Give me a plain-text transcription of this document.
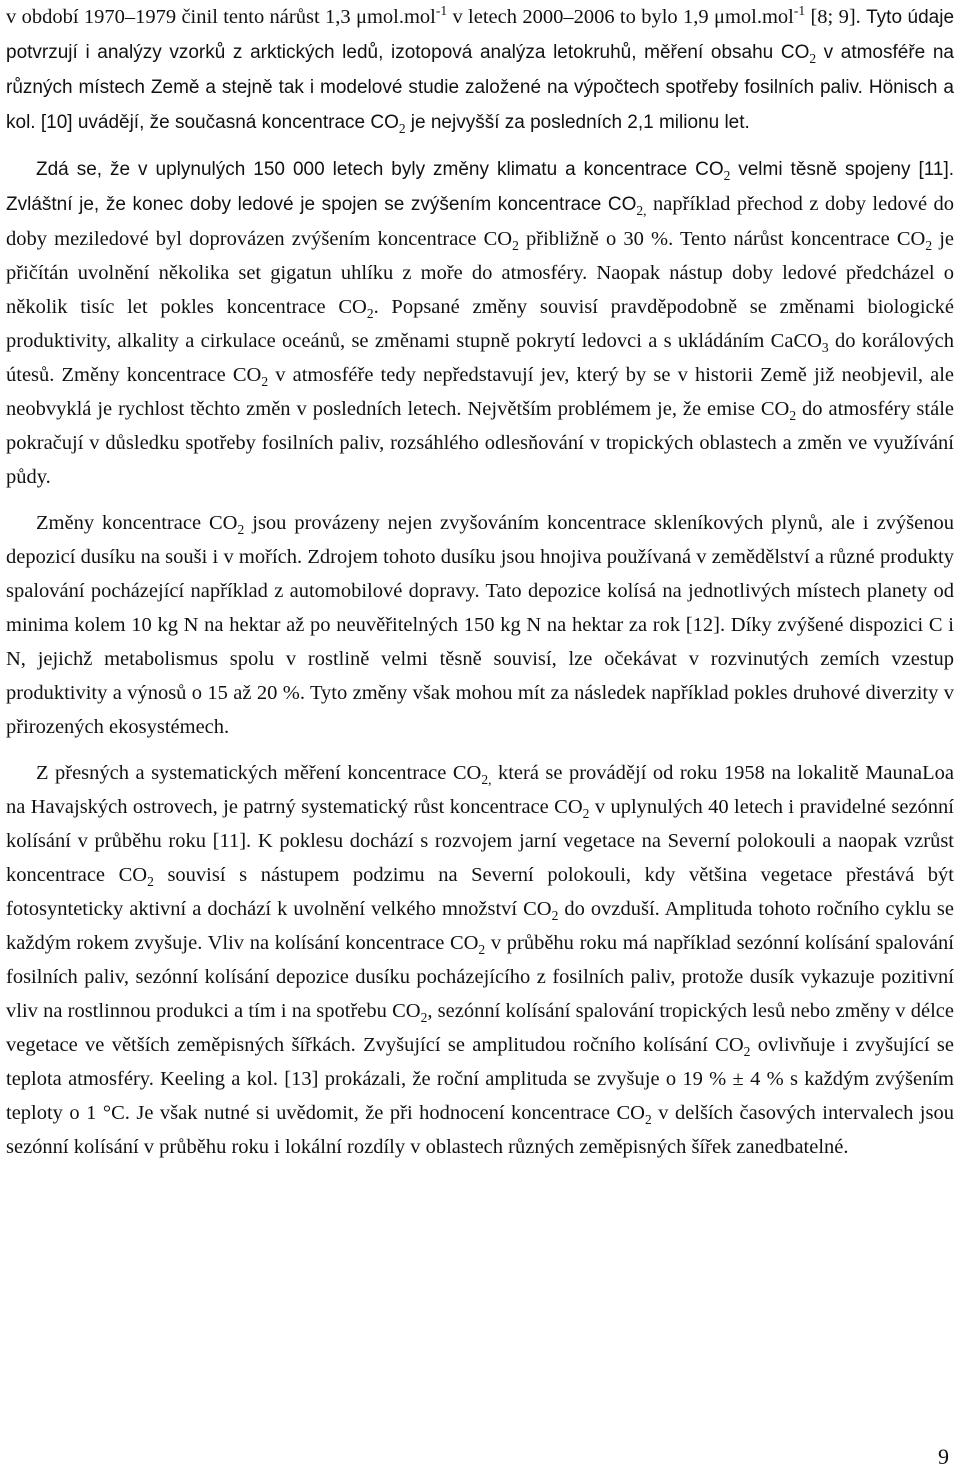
v období 1970–1979 činil tento nárůst 1,3 μmol.mol$^{-1}$ v letech 2000–2006 to bylo 1,9 μmol.mol$^{-1}$ [8; 9]. Tyto údaje potvrzují i analýzy vzorků z arktických ledů, izotopová analýza letokruhů, měření obsahu $CO_2$ v atmosféře na různých místech Země a stejně tak i modelové studie založené na výpočtech spotřeby fosilních paliv. Hönisch a kol. [10] uvádějí, že současná koncentrace $CO_2$ je nejvyšší za posledních 2,1 milionu let.

Zdá se, že v uplynulých 150 000 letech byly změny klimatu a koncentrace $CO_2$ velmi těsně spojeny [11]. Zvláštní je, že konec doby ledové je spojen se zvýšením koncentrace $CO_{2,}$ například přechod z doby ledové do doby meziledové byl doprovázen zvýšením koncentrace $CO_2$ přibližně o 30 %. Tento nárůst koncentrace $CO_2$ je přičítán uvolnění několika set gigatun uhlíku z moře do atmosféry. Naopak nástup doby ledové předcházel o několik tisíc let pokles koncentrace $CO_2$. Popsané změny souvisí pravděpodobně se změnami biologické produktivity, alkality a cirkulace oceánů, se změnami stupně pokrytí ledovci a s ukládáním CaCO$_3$ do korálových útesů. Změny koncentrace $CO_2$ v atmosféře tedy nepředstavují jev, který by se v historii Země již neobjevil, ale neobvyklá je rychlost těchto změn v posledních letech. Největším problémem je, že emise $CO_2$ do atmosféry stále pokračují v důsledku spotřeby fosilních paliv, rozsáhlého odlesňování v tropických oblastech a změn ve využívání půdy.

Změny koncentrace $CO_2$ jsou provázeny nejen zvyšováním koncentrace skleníkových plynů, ale i zvýšenou depozicí dusíku na souši i v mořích. Zdrojem tohoto dusíku jsou hnojiva používaná v zemědělství a různé produkty spalování pocházející například z automobilové dopravy. Tato depozice kolísá na jednotlivých místech planety od minima kolem 10 kg N na hektar až po neuvěřitelných 150 kg N na hektar za rok [12]. Díky zvýšené dispozici C i N, jejichž metabolismus spolu v rostlině velmi těsně souvisí, lze očekávat v rozvinutých zemích vzestup produktivity a výnosů o 15 až 20 %. Tyto změny však mohou mít za následek například pokles druhové diverzity v přirozených ekosystémech.

Z přesných a systematických měření koncentrace $CO_{2,}$ která se provádějí od roku 1958 na lokalitě MaunaLoa na Havajských ostrovech, je patrný systematický růst koncentrace $CO_2$ v uplynulých 40 letech i pravidelné sezónní kolísání v průběhu roku [11]. K poklesu dochází s rozvojem jarní vegetace na Severní polokouli a naopak vzrůst koncentrace $CO_2$ souvisí s nástupem podzimu na Severní polokouli, kdy většina vegetace přestává být fotosynteticky aktivní a dochází k uvolnění velkého množství $CO_2$ do ovzduší. Amplituda tohoto ročního cyklu se každým rokem zvyšuje. Vliv na kolísání koncentrace $CO_2$ v průběhu roku má například sezónní kolísání spalování fosilních paliv, sezónní kolísání depozice dusíku pocházejícího z fosilních paliv, protože dusík vykazuje pozitivní vliv na rostlinnou produkci a tím i na spotřebu $CO_2$, sezónní kolísání spalování tropických lesů nebo změny v délce vegetace ve větších zeměpisných šířkách. Zvyšující se amplitudou ročního kolísání $CO_2$ ovlivňuje i zvyšující se teplota atmosféry. Keeling a kol. [13] prokázali, že roční amplituda se zvyšuje o 19 % ± 4 % s každým zvýšením teploty o 1 °C. Je však nutné si uvědomit, že při hodnocení koncentrace $CO_2$ v delších časových intervalech jsou sezónní kolísání v průběhu roku i lokální rozdíly v oblastech různých zeměpisných šířek zanedbatelné.

9
